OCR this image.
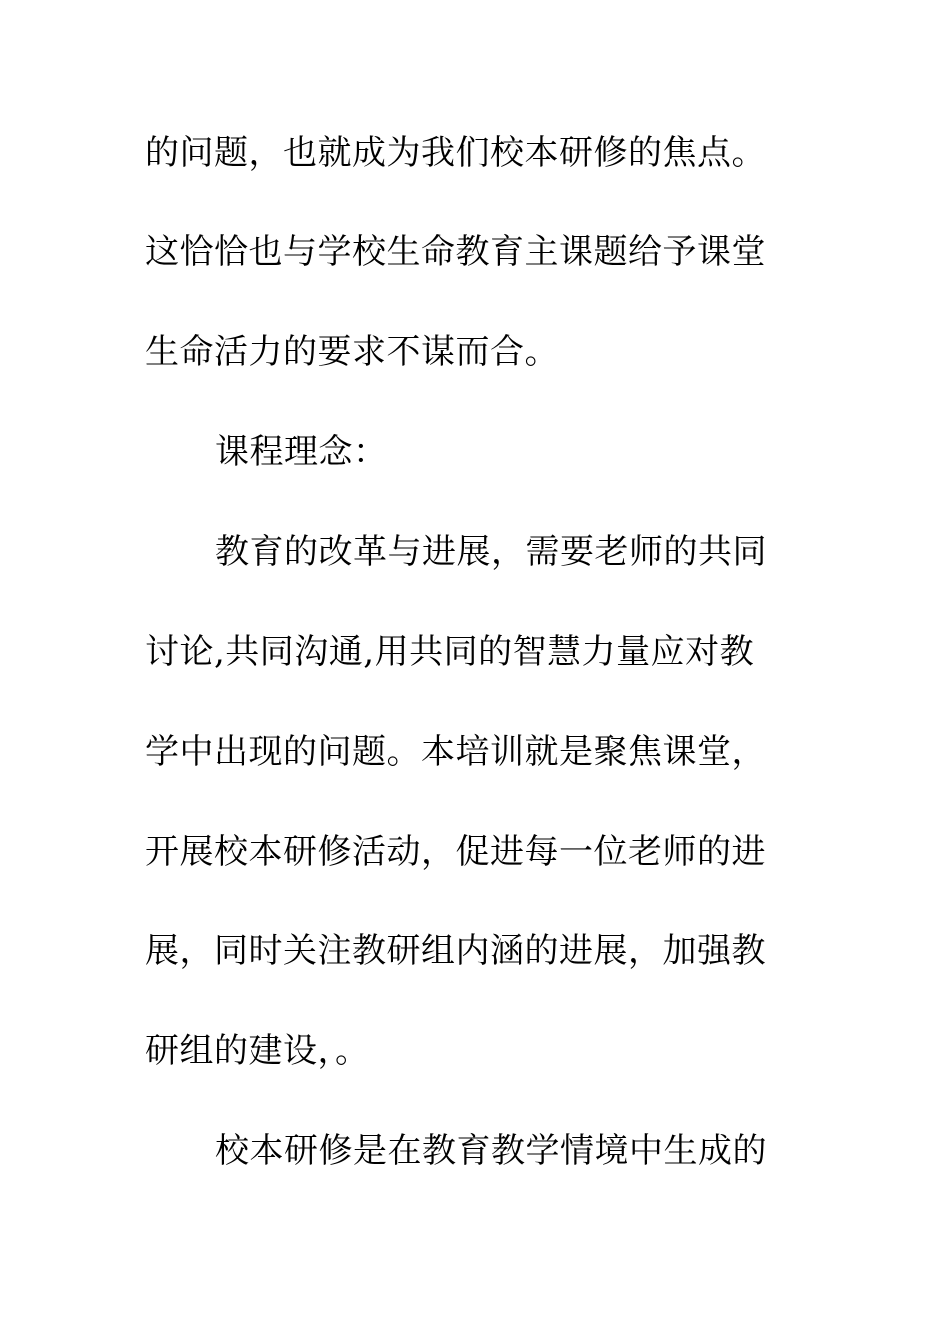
的问题，也就成为我们校本研修的焦点。
这恰恰也与学校生命教育主课题给予课堂
生命活力的要求不谋而合。
课程理念：
教育的改革与进展，需要老师的共同
讨论,共同沟通,用共同的智慧力量应对教
学中出现的问题。本培训就是聚焦课堂，
开展校本研修活动，促进每一位老师的进
展，同时关注教研组内涵的进展，加强教
研组的建设，。
校本研修是在教育教学情境中生成的
